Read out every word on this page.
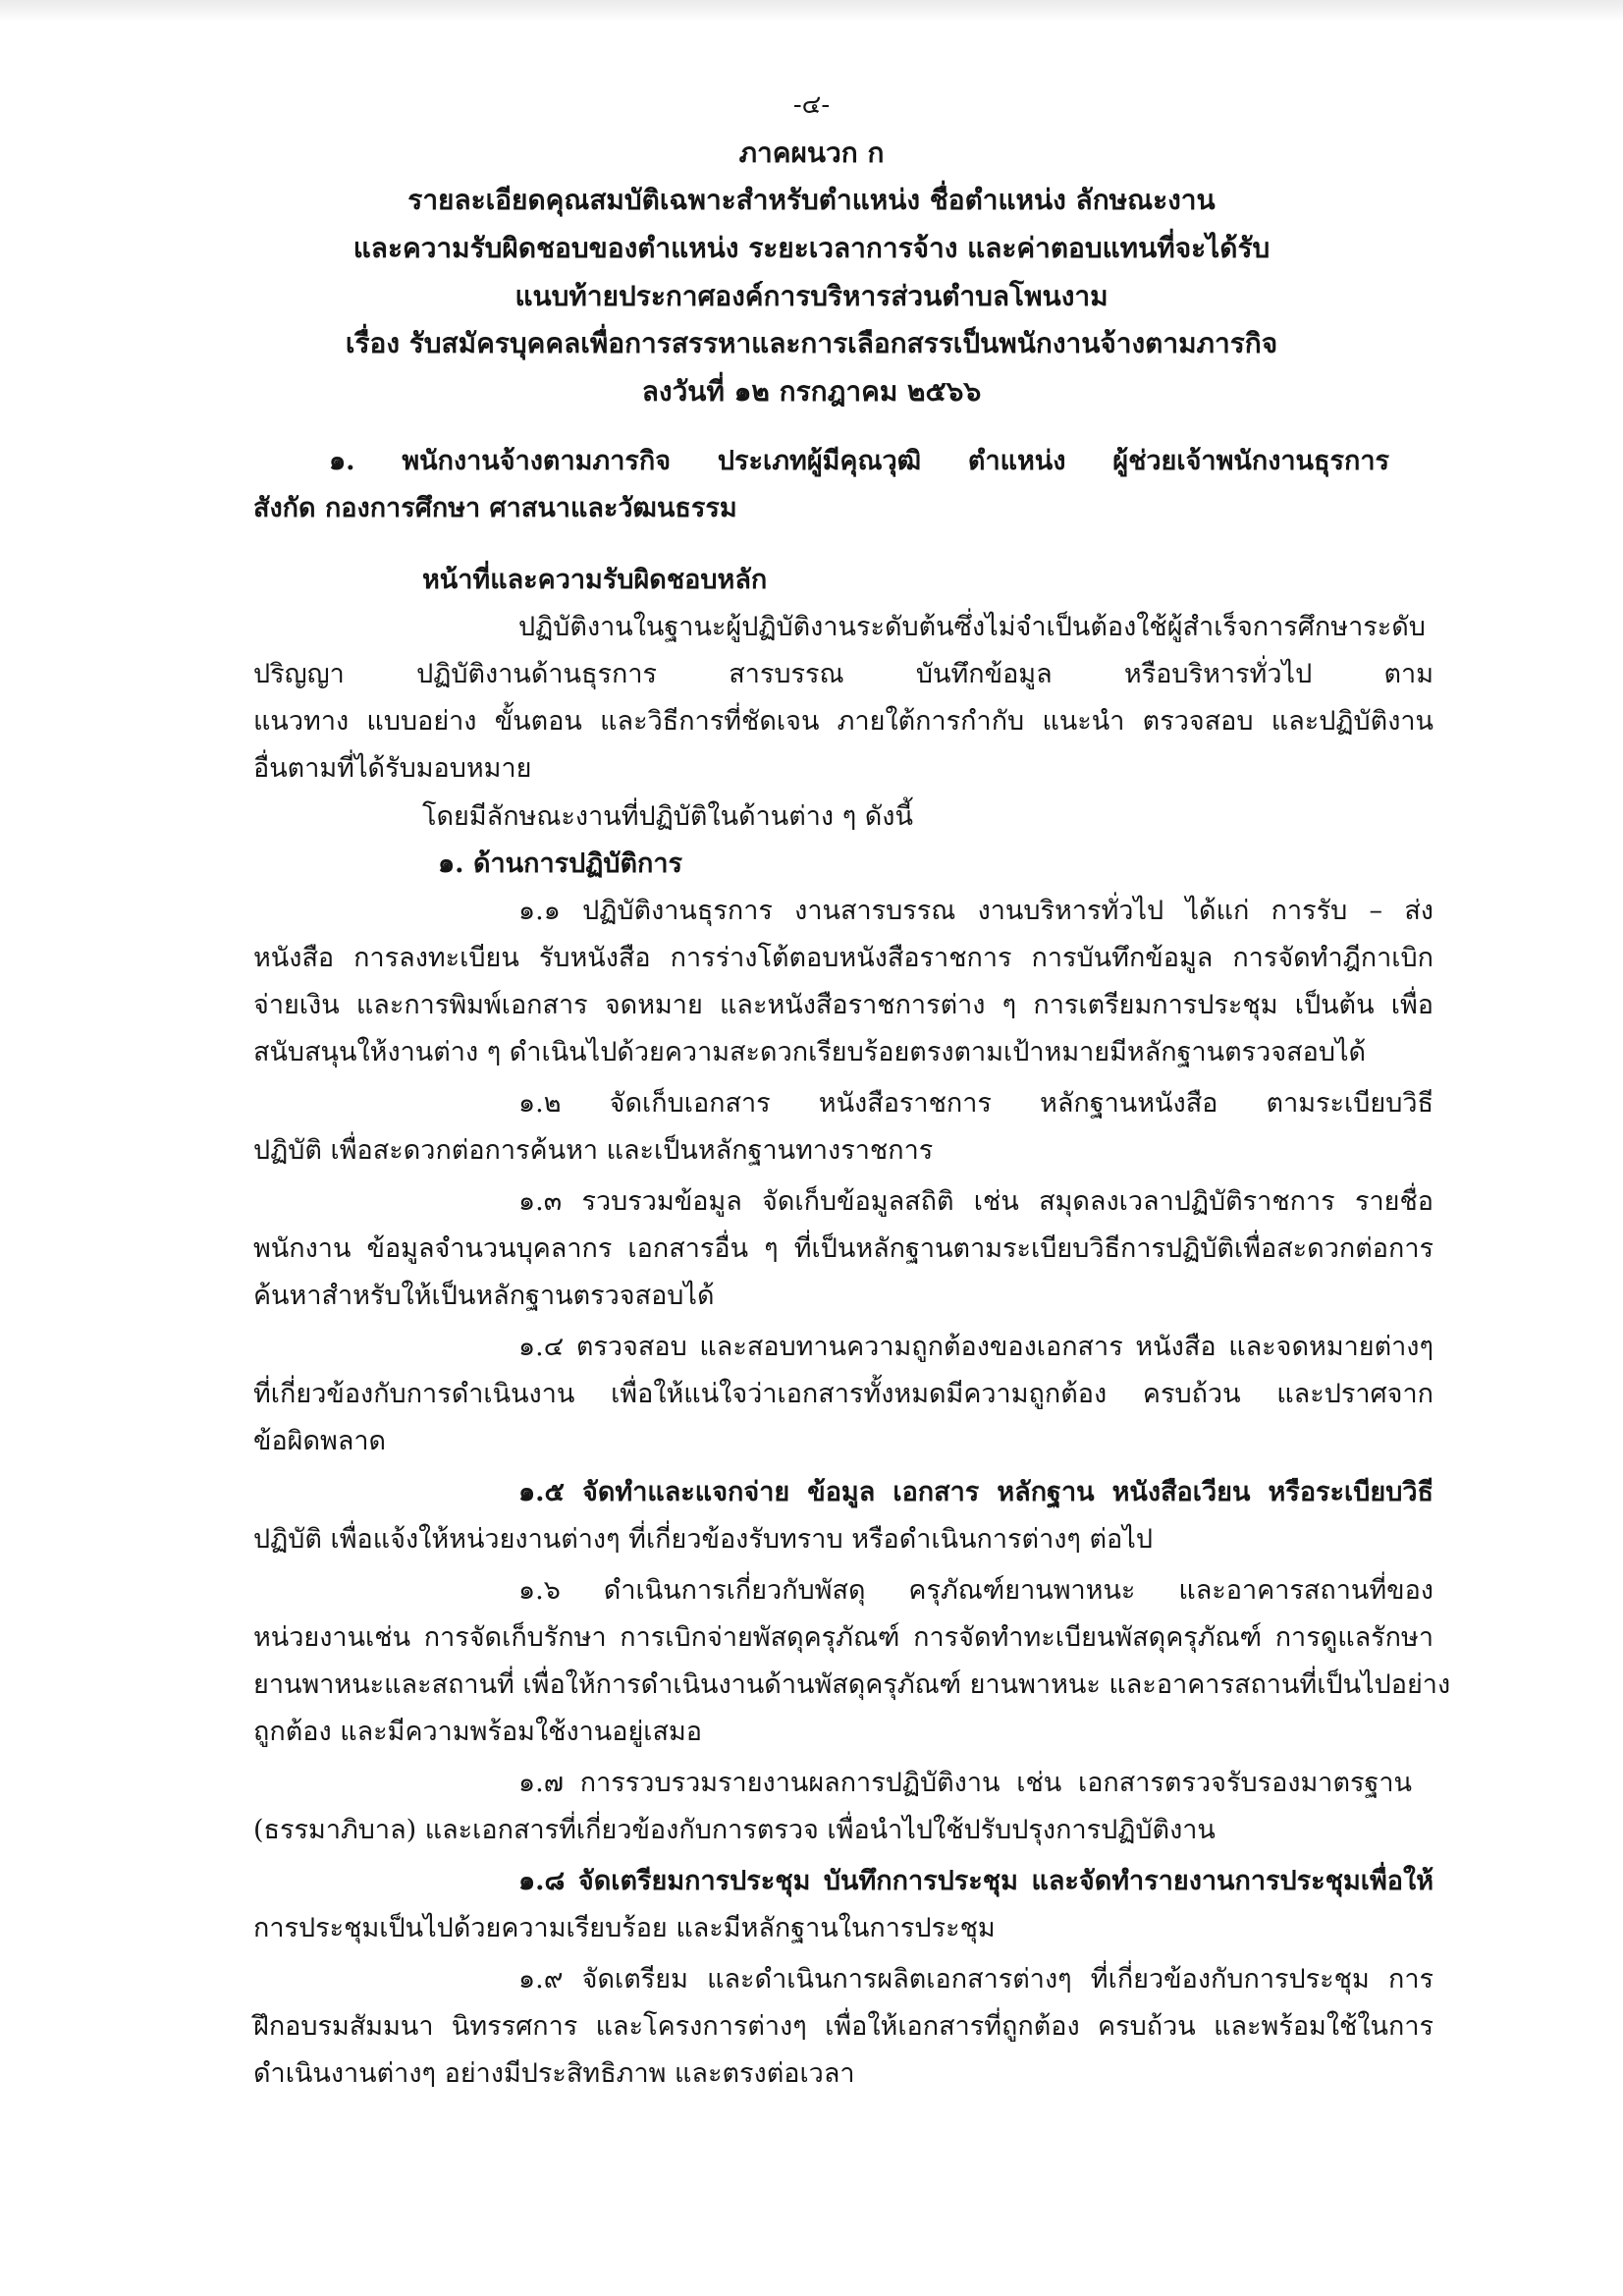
-๔-
ภาคผนวก ก
รายละเอียดคุณสมบัติเฉพาะสำหรับตำแหน่ง ชื่อตำแหน่ง ลักษณะงาน
และความรับผิดชอบของตำแหน่ง ระยะเวลาการจ้าง และค่าตอบแทนที่จะได้รับ
แนบท้ายประกาศองค์การบริหารส่วนตำบลโพนงาม
เรื่อง รับสมัครบุคคลเพื่อการสรรหาและการเลือกสรรเป็นพนักงานจ้างตามภารกิจ
ลงวันที่ ๑๒ กรกฎาคม ๒๕๖๖
๑. พนักงานจ้างตามภารกิจ ประเภทผู้มีคุณวุฒิ ตำแหน่ง ผู้ช่วยเจ้าพนักงานธุรการ
สังกัด กองการศึกษา ศาสนาและวัฒนธรรม
หน้าที่และความรับผิดชอบหลัก
ปฏิบัติงานในฐานะผู้ปฏิบัติงานระดับต้นซึ่งไม่จำเป็นต้องใช้ผู้สำเร็จการศึกษาระดับ
ปริญญา ปฏิบัติงานด้านธุรการ สารบรรณ บันทึกข้อมูล หรือบริหารทั่วไป ตาม
แนวทาง แบบอย่าง ขั้นตอน และวิธีการที่ชัดเจน ภายใต้การกำกับ แนะนำ ตรวจสอบ และปฏิบัติงาน
อื่นตามที่ได้รับมอบหมาย
โดยมีลักษณะงานที่ปฏิบัติในด้านต่าง ๆ ดังนี้
๑. ด้านการปฏิบัติการ
๑.๑ ปฏิบัติงานธุรการ งานสารบรรณ งานบริหารทั่วไป ได้แก่ การรับ – ส่ง
หนังสือ การลงทะเบียน รับหนังสือ การร่างโต้ตอบหนังสือราชการ การบันทึกข้อมูล การจัดทำฎีกาเบิก
จ่ายเงิน และการพิมพ์เอกสาร จดหมาย และหนังสือราชการต่าง ๆ การเตรียมการประชุม เป็นต้น เพื่อ
สนับสนุนให้งานต่าง ๆ ดำเนินไปด้วยความสะดวกเรียบร้อยตรงตามเป้าหมายมีหลักฐานตรวจสอบได้
๑.๒ จัดเก็บเอกสาร หนังสือราชการ หลักฐานหนังสือ ตามระเบียบวิธี
ปฏิบัติ เพื่อสะดวกต่อการค้นหา และเป็นหลักฐานทางราชการ
๑.๓ รวบรวมข้อมูล จัดเก็บข้อมูลสถิติ เช่น สมุดลงเวลาปฏิบัติราชการ รายชื่อ
พนักงาน ข้อมูลจำนวนบุคลากร เอกสารอื่น ๆ ที่เป็นหลักฐานตามระเบียบวิธีการปฏิบัติเพื่อสะดวกต่อการ
ค้นหาสำหรับให้เป็นหลักฐานตรวจสอบได้
๑.๔ ตรวจสอบ และสอบทานความถูกต้องของเอกสาร หนังสือ และจดหมายต่างๆ
ที่เกี่ยวข้องกับการดำเนินงาน เพื่อให้แน่ใจว่าเอกสารทั้งหมดมีความถูกต้อง ครบถ้วน และปราศจาก
ข้อผิดพลาด
๑.๕ จัดทำและแจกจ่าย ข้อมูล เอกสาร หลักฐาน หนังสือเวียน หรือระเบียบวิธี
ปฏิบัติ เพื่อแจ้งให้หน่วยงานต่างๆ ที่เกี่ยวข้องรับทราบ หรือดำเนินการต่างๆ ต่อไป
๑.๖ ดำเนินการเกี่ยวกับพัสดุ ครุภัณฑ์ยานพาหนะ และอาคารสถานที่ของ
หน่วยงานเช่น การจัดเก็บรักษา การเบิกจ่ายพัสดุครุภัณฑ์ การจัดทำทะเบียนพัสดุครุภัณฑ์ การดูแลรักษา
ยานพาหนะและสถานที่ เพื่อให้การดำเนินงานด้านพัสดุครุภัณฑ์ ยานพาหนะ และอาคารสถานที่เป็นไปอย่าง
ถูกต้อง และมีความพร้อมใช้งานอยู่เสมอ
๑.๗ การรวบรวมรายงานผลการปฏิบัติงาน เช่น เอกสารตรวจรับรองมาตรฐาน
(ธรรมาภิบาล) และเอกสารที่เกี่ยวข้องกับการตรวจ เพื่อนำไปใช้ปรับปรุงการปฏิบัติงาน
๑.๘ จัดเตรียมการประชุม บันทึกการประชุม และจัดทำรายงานการประชุมเพื่อให้
การประชุมเป็นไปด้วยความเรียบร้อย และมีหลักฐานในการประชุม
๑.๙ จัดเตรียม และดำเนินการผลิตเอกสารต่างๆ ที่เกี่ยวข้องกับการประชุม การ
ฝึกอบรมสัมมนา นิทรรศการ และโครงการต่างๆ เพื่อให้เอกสารที่ถูกต้อง ครบถ้วน และพร้อมใช้ในการ
ดำเนินงานต่างๆ อย่างมีประสิทธิภาพ และตรงต่อเวลา
